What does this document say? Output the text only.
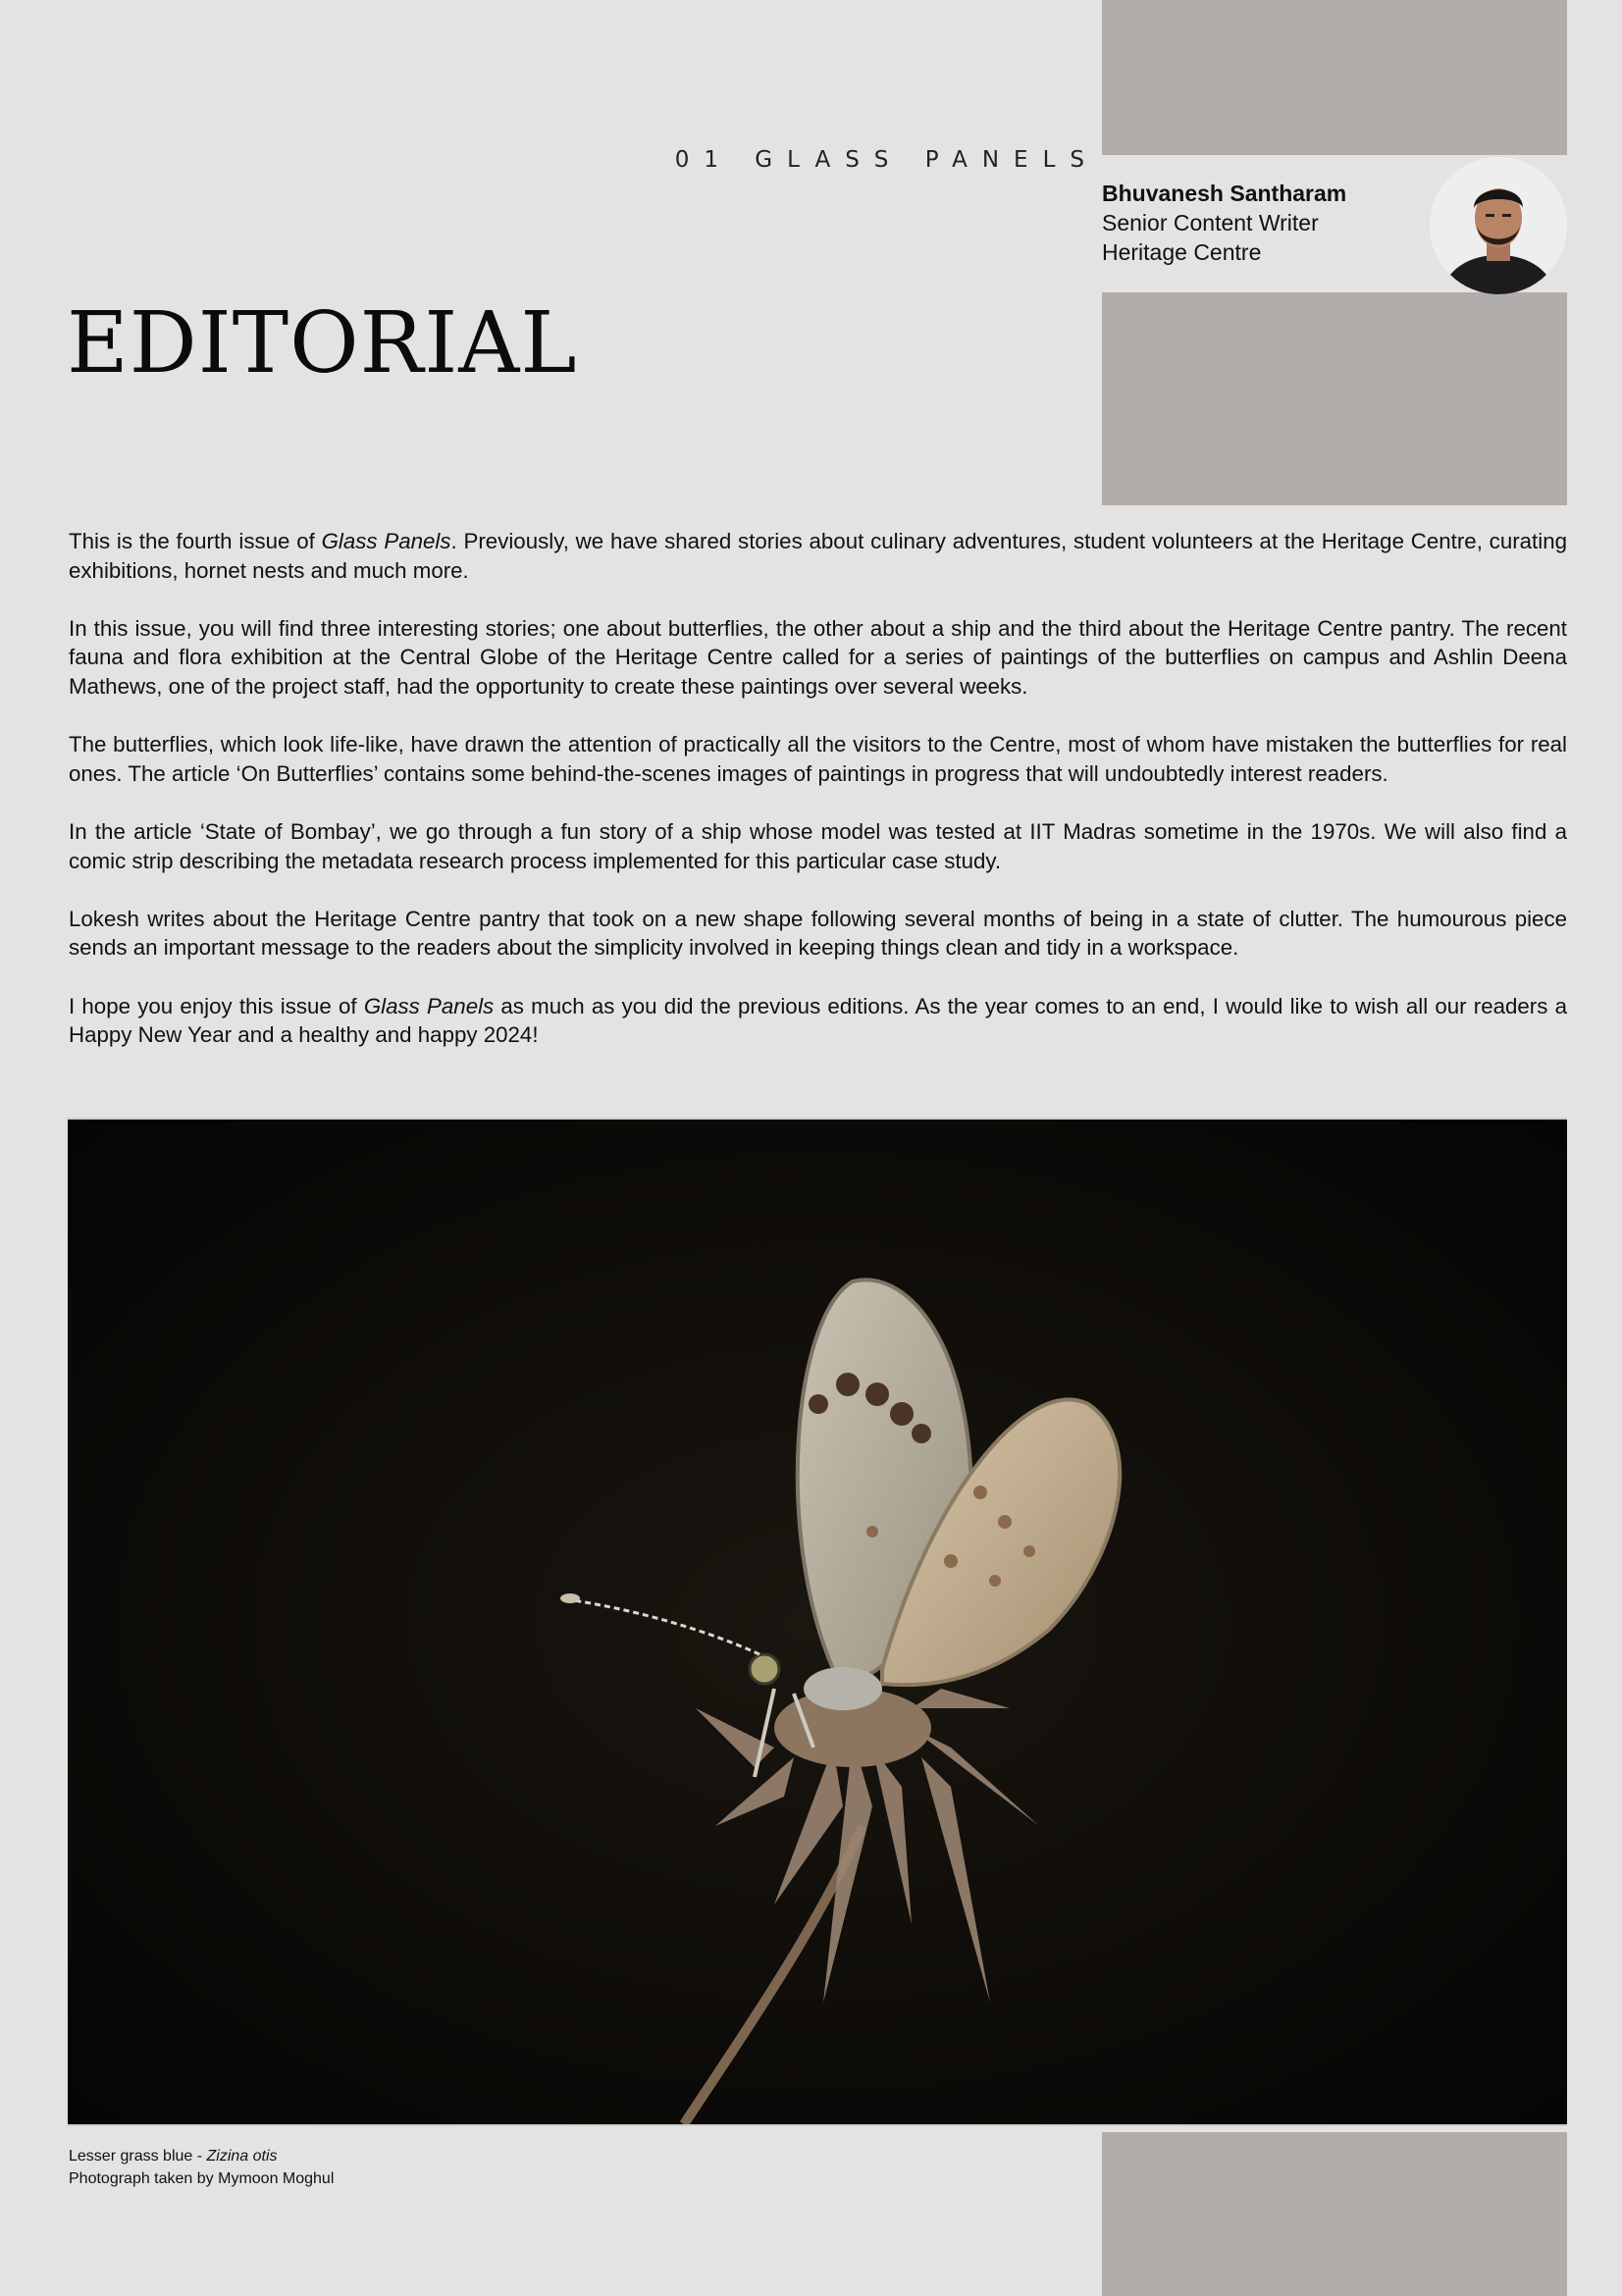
01 GLASS PANELS
EDITORIAL
Bhuvanesh Santharam
Senior Content Writer
Heritage Centre

This is the fourth issue of Glass Panels. Previously, we have shared stories about culinary adventures, student volunteers at the Heritage Centre, curating exhibitions, hornet nests and much more.

In this issue, you will find three interesting stories; one about butterflies, the other about a ship and the third about the Heritage Centre pantry. The recent fauna and flora exhibition at the Central Globe of the Heritage Centre called for a series of paintings of the butterflies on campus and Ashlin Deena Mathews, one of the project staff, had the opportunity to create these paintings over several weeks.

The butterflies, which look life-like, have drawn the attention of practically all the visitors to the Centre, most of whom have mistaken the butterflies for real ones. The article ‘On Butterflies’ contains some behind-the-scenes images of paintings in progress that will undoubtedly interest readers.

In the article ‘State of Bombay’, we go through a fun story of a ship whose model was tested at IIT Madras sometime in the 1970s. We will also find a comic strip describing the metadata research process implemented for this particular case study.

Lokesh writes about the Heritage Centre pantry that took on a new shape following several months of being in a state of clutter. The humourous piece sends an important message to the readers about the simplicity involved in keeping things clean and tidy in a workspace.

I hope you enjoy this issue of Glass Panels as much as you did the previous editions. As the year comes to an end, I would like to wish all our readers a Happy New Year and a healthy and happy 2024!

Lesser grass blue - Zizina otis
Photograph taken by Mymoon Moghul
